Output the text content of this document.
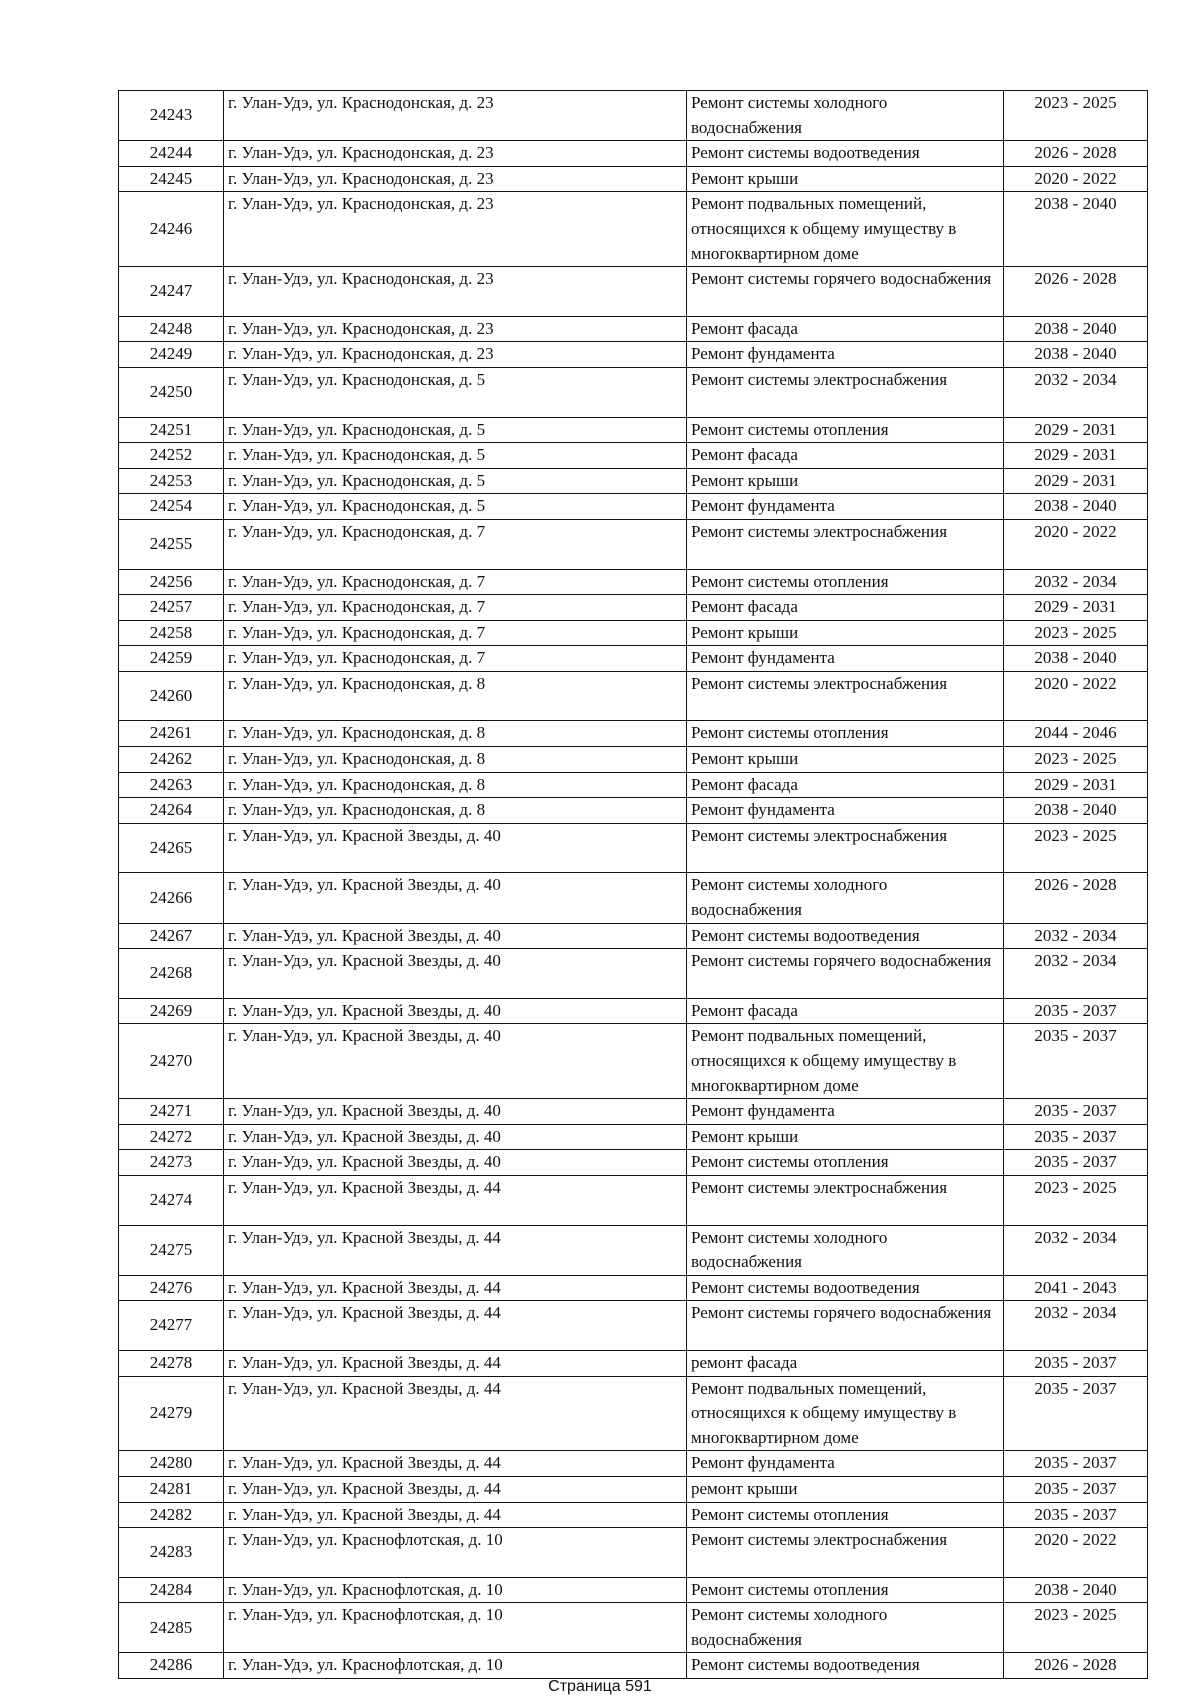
24243	г. Улан-Удэ, ул. Краснодонская, д. 23	Ремонт системы холодного водоснабжения	2023 - 2025
24244	г. Улан-Удэ, ул. Краснодонская, д. 23	Ремонт системы водоотведения	2026 - 2028
24245	г. Улан-Удэ, ул. Краснодонская, д. 23	Ремонт крыши	2020 - 2022
24246	г. Улан-Удэ, ул. Краснодонская, д. 23	Ремонт подвальных помещений, относящихся к общему имуществу в многоквартирном доме	2038 - 2040
24247	г. Улан-Удэ, ул. Краснодонская, д. 23	Ремонт системы горячего водоснабжения	2026 - 2028
24248	г. Улан-Удэ, ул. Краснодонская, д. 23	Ремонт фасада	2038 - 2040
24249	г. Улан-Удэ, ул. Краснодонская, д. 23	Ремонт фундамента	2038 - 2040
24250	г. Улан-Удэ, ул. Краснодонская, д. 5	Ремонт системы электроснабжения	2032 - 2034
24251	г. Улан-Удэ, ул. Краснодонская, д. 5	Ремонт системы отопления	2029 - 2031
24252	г. Улан-Удэ, ул. Краснодонская, д. 5	Ремонт фасада	2029 - 2031
24253	г. Улан-Удэ, ул. Краснодонская, д. 5	Ремонт крыши	2029 - 2031
24254	г. Улан-Удэ, ул. Краснодонская, д. 5	Ремонт фундамента	2038 - 2040
24255	г. Улан-Удэ, ул. Краснодонская, д. 7	Ремонт системы электроснабжения	2020 - 2022
24256	г. Улан-Удэ, ул. Краснодонская, д. 7	Ремонт системы отопления	2032 - 2034
24257	г. Улан-Удэ, ул. Краснодонская, д. 7	Ремонт фасада	2029 - 2031
24258	г. Улан-Удэ, ул. Краснодонская, д. 7	Ремонт крыши	2023 - 2025
24259	г. Улан-Удэ, ул. Краснодонская, д. 7	Ремонт фундамента	2038 - 2040
24260	г. Улан-Удэ, ул. Краснодонская, д. 8	Ремонт системы электроснабжения	2020 - 2022
24261	г. Улан-Удэ, ул. Краснодонская, д. 8	Ремонт системы отопления	2044 - 2046
24262	г. Улан-Удэ, ул. Краснодонская, д. 8	Ремонт крыши	2023 - 2025
24263	г. Улан-Удэ, ул. Краснодонская, д. 8	Ремонт фасада	2029 - 2031
24264	г. Улан-Удэ, ул. Краснодонская, д. 8	Ремонт фундамента	2038 - 2040
24265	г. Улан-Удэ, ул. Красной Звезды, д. 40	Ремонт системы электроснабжения	2023 - 2025
24266	г. Улан-Удэ, ул. Красной Звезды, д. 40	Ремонт системы холодного водоснабжения	2026 - 2028
24267	г. Улан-Удэ, ул. Красной Звезды, д. 40	Ремонт системы водоотведения	2032 - 2034
24268	г. Улан-Удэ, ул. Красной Звезды, д. 40	Ремонт системы горячего водоснабжения	2032 - 2034
24269	г. Улан-Удэ, ул. Красной Звезды, д. 40	Ремонт фасада	2035 - 2037
24270	г. Улан-Удэ, ул. Красной Звезды, д. 40	Ремонт подвальных помещений, относящихся к общему имуществу в многоквартирном доме	2035 - 2037
24271	г. Улан-Удэ, ул. Красной Звезды, д. 40	Ремонт фундамента	2035 - 2037
24272	г. Улан-Удэ, ул. Красной Звезды, д. 40	Ремонт крыши	2035 - 2037
24273	г. Улан-Удэ, ул. Красной Звезды, д. 40	Ремонт системы отопления	2035 - 2037
24274	г. Улан-Удэ, ул. Красной Звезды, д. 44	Ремонт системы электроснабжения	2023 - 2025
24275	г. Улан-Удэ, ул. Красной Звезды, д. 44	Ремонт системы холодного водоснабжения	2032 - 2034
24276	г. Улан-Удэ, ул. Красной Звезды, д. 44	Ремонт системы водоотведения	2041 - 2043
24277	г. Улан-Удэ, ул. Красной Звезды, д. 44	Ремонт системы горячего водоснабжения	2032 - 2034
24278	г. Улан-Удэ, ул. Красной Звезды, д. 44	ремонт фасада	2035 - 2037
24279	г. Улан-Удэ, ул. Красной Звезды, д. 44	Ремонт подвальных помещений, относящихся к общему имуществу в многоквартирном доме	2035 - 2037
24280	г. Улан-Удэ, ул. Красной Звезды, д. 44	Ремонт фундамента	2035 - 2037
24281	г. Улан-Удэ, ул. Красной Звезды, д. 44	ремонт крыши	2035 - 2037
24282	г. Улан-Удэ, ул. Красной Звезды, д. 44	Ремонт системы отопления	2035 - 2037
24283	г. Улан-Удэ, ул. Краснофлотская, д. 10	Ремонт системы электроснабжения	2020 - 2022
24284	г. Улан-Удэ, ул. Краснофлотская, д. 10	Ремонт системы отопления	2038 - 2040
24285	г. Улан-Удэ, ул. Краснофлотская, д. 10	Ремонт системы холодного водоснабжения	2023 - 2025
24286	г. Улан-Удэ, ул. Краснофлотская, д. 10	Ремонт системы водоотведения	2026 - 2028
Страница 591
